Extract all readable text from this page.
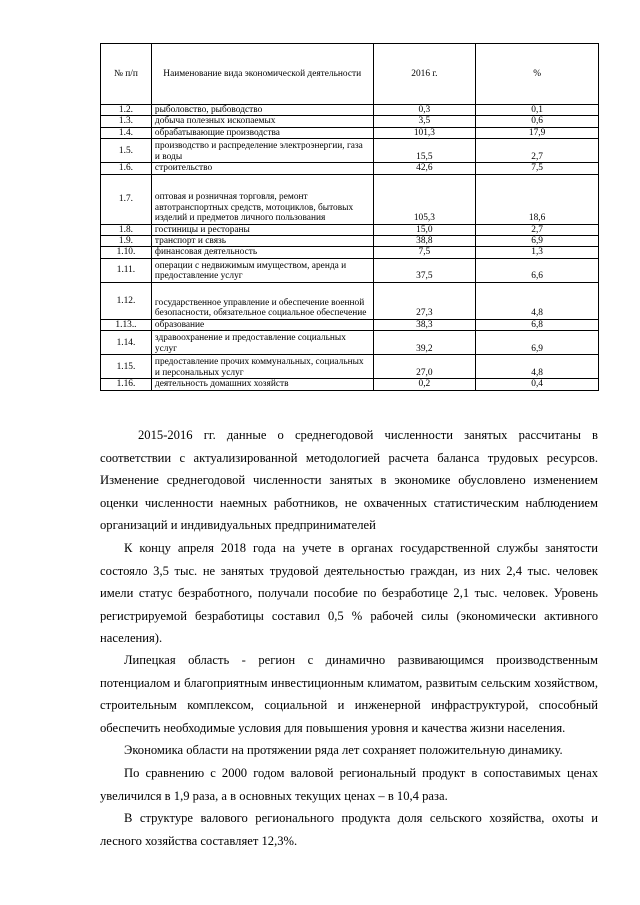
№ п/п	Наименование вида экономической деятельности	2016 г.	%
1.2.	рыболовство, рыбоводство	0,3	0,1
1.3.	добыча полезных ископаемых	3,5	0,6
1.4.	обрабатывающие производства	101,3	17,9
1.5.	производство и распределение электроэнергии, газа и воды	15,5	2,7
1.6.	строительство	42,6	7,5
1.7.	оптовая и розничная торговля, ремонт автотранспортных средств, мотоциклов, бытовых изделий и предметов личного пользования	105,3	18,6
1.8.	гостиницы и рестораны	15,0	2,7
1.9.	транспорт и связь	38,8	6,9
1.10.	финансовая деятельность	7,5	1,3
1.11.	операции с недвижимым имуществом, аренда и предоставление услуг	37,5	6,6
1.12.	государственное управление и обеспечение военной безопасности, обязательное социальное обеспечение	27,3	4,8
1.13..	образование	38,3	6,8
1.14.	здравоохранение и предоставление социальных услуг	39,2	6,9
1.15.	предоставление прочих коммунальных, социальных и персональных услуг	27,0	4,8
1.16.	деятельность домашних хозяйств	0,2	0,4

2015-2016 гг. данные о среднегодовой численности занятых рассчитаны в соответствии с актуализированной методологией расчета баланса трудовых ресурсов. Изменение среднегодовой численности занятых в экономике обусловлено изменением оценки численности наемных работников, не охваченных статистическим наблюдением организаций и индивидуальных предпринимателей

К концу апреля 2018 года на учете в органах государственной службы занятости состояло 3,5 тыс. не занятых трудовой деятельностью граждан, из них 2,4 тыс. человек имели статус безработного, получали пособие по безработице 2,1 тыс. человек. Уровень регистрируемой безработицы составил 0,5 % рабочей силы (экономически активного населения).

Липецкая область - регион с динамично развивающимся производственным потенциалом и благоприятным инвестиционным климатом, развитым сельским хозяйством, строительным комплексом, социальной и инженерной инфраструктурой, способный обеспечить необходимые условия для повышения уровня и качества жизни населения.

Экономика области на протяжении ряда лет сохраняет положительную динамику.

По сравнению с 2000 годом валовой региональный продукт в сопоставимых ценах увеличился в 1,9 раза, а в основных текущих ценах – в 10,4 раза.

В структуре валового регионального продукта доля сельского хозяйства, охоты и лесного хозяйства составляет 12,3%.
